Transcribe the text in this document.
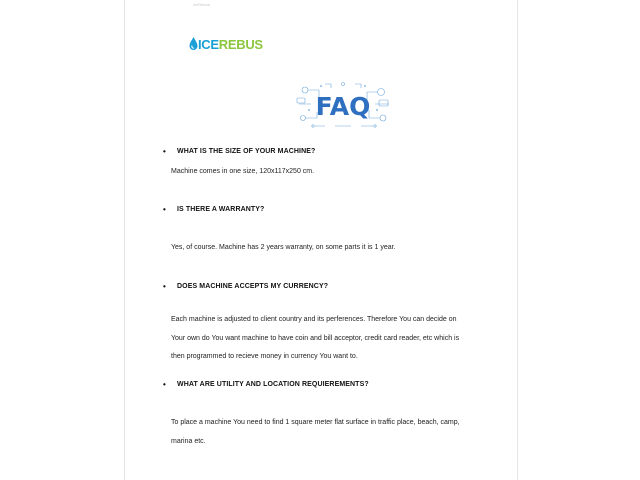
IceRebus
ICEREBUS
FAQ
• WHAT IS THE SIZE OF YOUR MACHINE?
Machine comes in one size, 120x117x250 cm.
• IS THERE A WARRANTY?
Yes, of course. Machine has 2 years warranty, on some parts it is 1 year.
• DOES MACHINE ACCEPTS MY CURRENCY?
Each machine is adjusted to client country and its perferences. Therefore You can decide on Your own do You want machine to have coin and bill acceptor, credit card reader, etc which is then programmed to recieve money in currency You want to.
• WHAT ARE UTILITY AND LOCATION REQUIEREMENTS?
To place a machine You need to find 1 square meter flat surface in traffic place, beach, camp, marina etc.
